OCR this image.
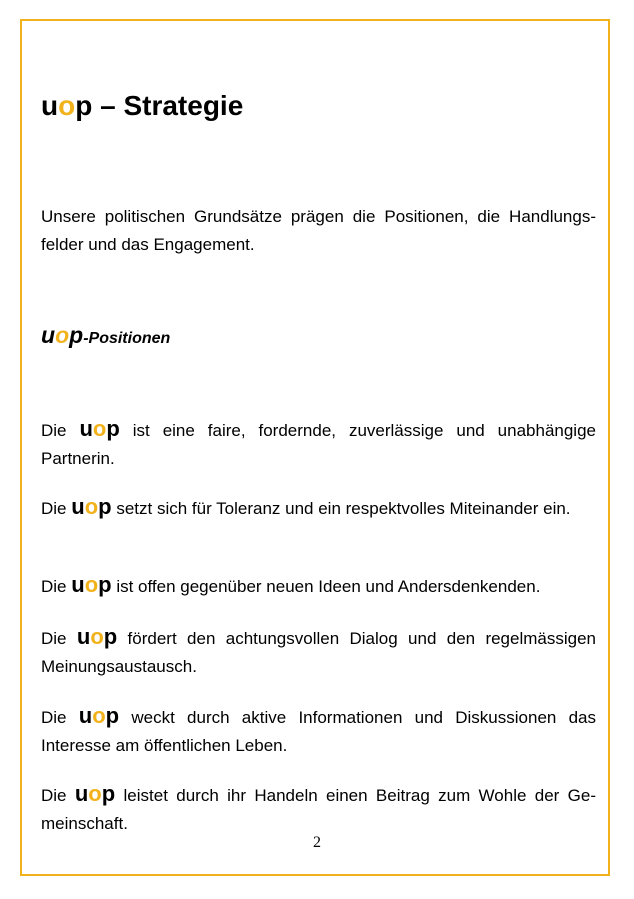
uop – Strategie

Unsere politischen Grundsätze prägen die Positionen, die Handlungs-felder und das Engagement.

uop-Positionen

Die uop ist eine faire, fordernde, zuverlässige und unabhängige Partnerin.

Die uop setzt sich für Toleranz und ein respektvolles Miteinander ein.

Die uop ist offen gegenüber neuen Ideen und Andersdenkenden.

Die uop fördert den achtungsvollen Dialog und den regelmässigen Meinungsaustausch.

Die uop weckt durch aktive Informationen und Diskussionen das Interesse am öffentlichen Leben.

Die uop leistet durch ihr Handeln einen Beitrag zum Wohle der Ge-meinschaft.

2
